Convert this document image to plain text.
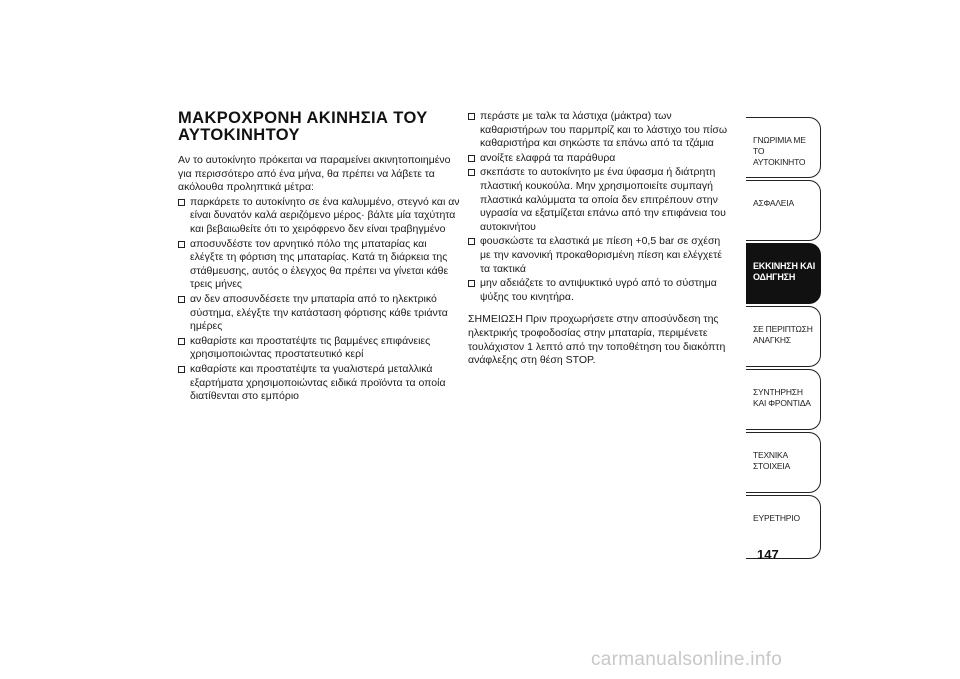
ΜΑΚΡΟΧΡΟΝΗ ΑΚΙΝΗΣΙΑ ΤΟΥ
ΑΥΤΟΚΙΝΗΤΟΥ

Αν το αυτοκίνητο πρόκειται να παραμείνει ακινητοποιημένο για περισσότερο από ένα μήνα, θα πρέπει να λάβετε τα ακόλουθα προληπτικά μέτρα:

παρκάρετε το αυτοκίνητο σε ένα καλυμμένο, στεγνό και αν είναι δυνατόν καλά αεριζόμενο μέρος· βάλτε μία ταχύτητα και βεβαιωθείτε ότι το χειρόφρενο δεν είναι τραβηγμένο
αποσυνδέστε τον αρνητικό πόλο της μπαταρίας και ελέγξτε τη φόρτιση της μπαταρίας. Κατά τη διάρκεια της στάθμευσης, αυτός ο έλεγχος θα πρέπει να γίνεται κάθε τρεις μήνες
αν δεν αποσυνδέσετε την μπαταρία από το ηλεκτρικό σύστημα, ελέγξτε την κατάσταση φόρτισης κάθε τριάντα ημέρες
καθαρίστε και προστατέψτε τις βαμμένες επιφάνειες χρησιμοποιώντας προστατευτικό κερί
καθαρίστε και προστατέψτε τα γυαλιστερά μεταλλικά εξαρτήματα χρησιμοποιώντας ειδικά προϊόντα τα οποία διατίθενται στο εμπόριο
περάστε με ταλκ τα λάστιχα (μάκτρα) των καθαριστήρων του παρμπρίζ και το λάστιχο του πίσω καθαριστήρα και σηκώστε τα επάνω από τα τζάμια
ανοίξτε ελαφρά τα παράθυρα
σκεπάστε το αυτοκίνητο με ένα ύφασμα ή διάτρητη πλαστική κουκούλα. Μην χρησιμοποιείτε συμπαγή πλαστικά καλύμματα τα οποία δεν επιτρέπουν στην υγρασία να εξατμίζεται επάνω από την επιφάνεια του αυτοκινήτου
φουσκώστε τα ελαστικά με πίεση +0,5 bar σε σχέση με την κανονική προκαθορισμένη πίεση και ελέγχετέ τα τακτικά
μην αδειάζετε το αντιψυκτικό υγρό από το σύστημα ψύξης του κινητήρα.

ΣΗΜΕΙΩΣΗ Πριν προχωρήσετε στην αποσύνδεση της ηλεκτρικής τροφοδοσίας στην μπαταρία, περιμένετε τουλάχιστον 1 λεπτό από την τοποθέτηση του διακόπτη ανάφλεξης στη θέση STOP.

ΓΝΩΡΙΜΙΑ ΜΕ ΤΟ ΑΥΤΟΚΙΝΗΤΟ
ΑΣΦΑΛΕΙΑ
ΕΚΚΙΝΗΣΗ ΚΑΙ ΟΔΗΓΗΣΗ
ΣΕ ΠΕΡΙΠΤΩΣΗ ΑΝΑΓΚΗΣ
ΣΥΝΤΗΡΗΣΗ ΚΑΙ ΦΡΟΝΤΙΔΑ
ΤΕΧΝΙΚΑ ΣΤΟΙΧΕΙΑ
ΕΥΡΕΤΗΡΙΟ
147
carmanualsonline.info
